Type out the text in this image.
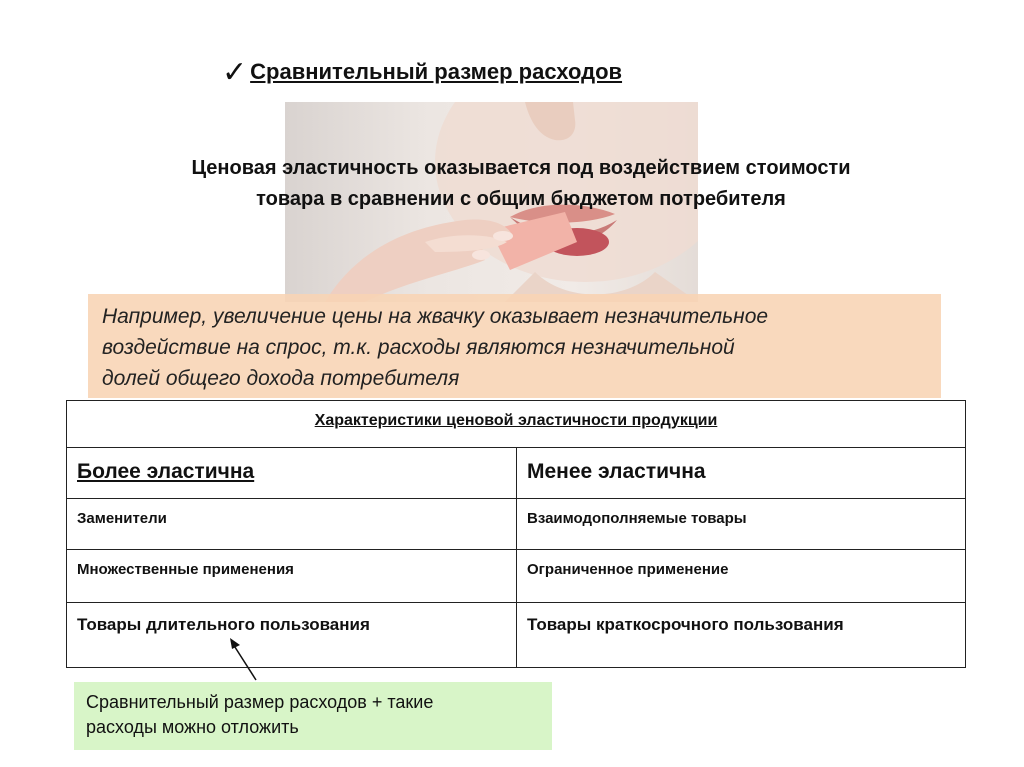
✓ Сравнительный размер расходов
Ценовая эластичность оказывается под воздействием стоимости
товара в сравнении с общим бюджетом потребителя
Например, увеличение цены на жвачку оказывает незначительное
воздействие на спрос, т.к. расходы являются незначительной
долей общего дохода потребителя
Характеристики ценовой эластичности продукции
Более эластична	Менее эластична
Заменители	Взаимодополняемые товары
Множественные применения	Ограниченное применение
Товары длительного пользования	Товары краткосрочного пользования
Сравнительный размер расходов + такие
расходы можно отложить
